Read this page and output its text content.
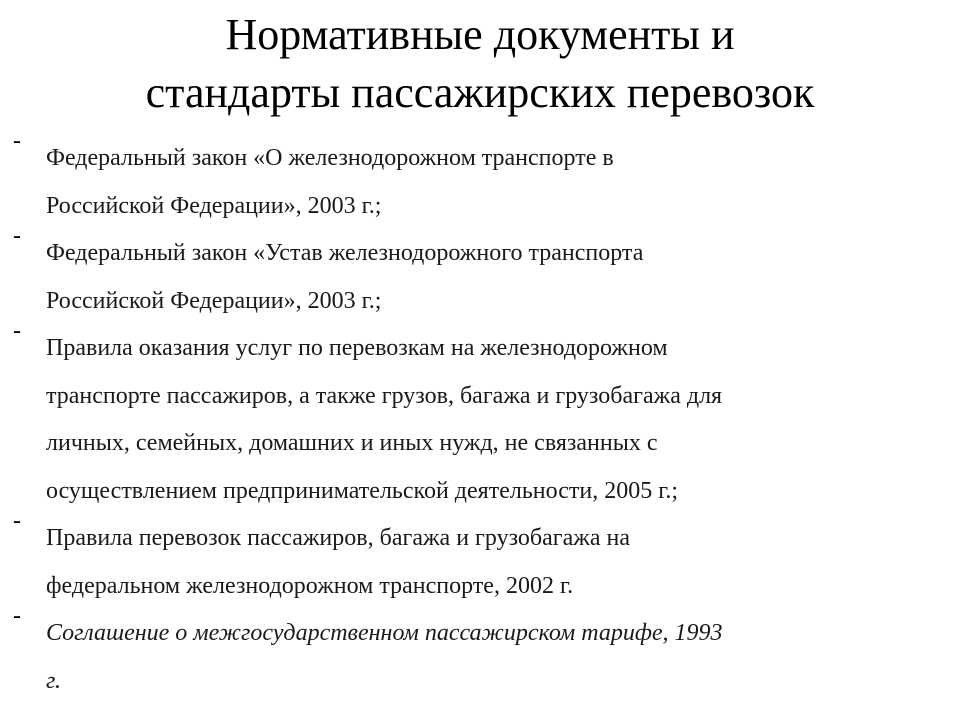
Нормативные документы и
стандарты пассажирских перевозок
-
Федеральный закон «О железнодорожном транспорте в
Российской Федерации», 2003 г.;
-
Федеральный закон «Устав железнодорожного транспорта
Российской Федерации», 2003 г.;
-
Правила оказания услуг по перевозкам на железнодорожном
транспорте пассажиров, а также грузов, багажа и грузобагажа для
личных, семейных, домашних и иных нужд, не связанных с
осуществлением предпринимательской деятельности, 2005 г.;
-
Правила перевозок пассажиров, багажа и грузобагажа на
федеральном железнодорожном транспорте, 2002 г.
-
Соглашение о межгосударственном пассажирском тарифе, 1993
г.
